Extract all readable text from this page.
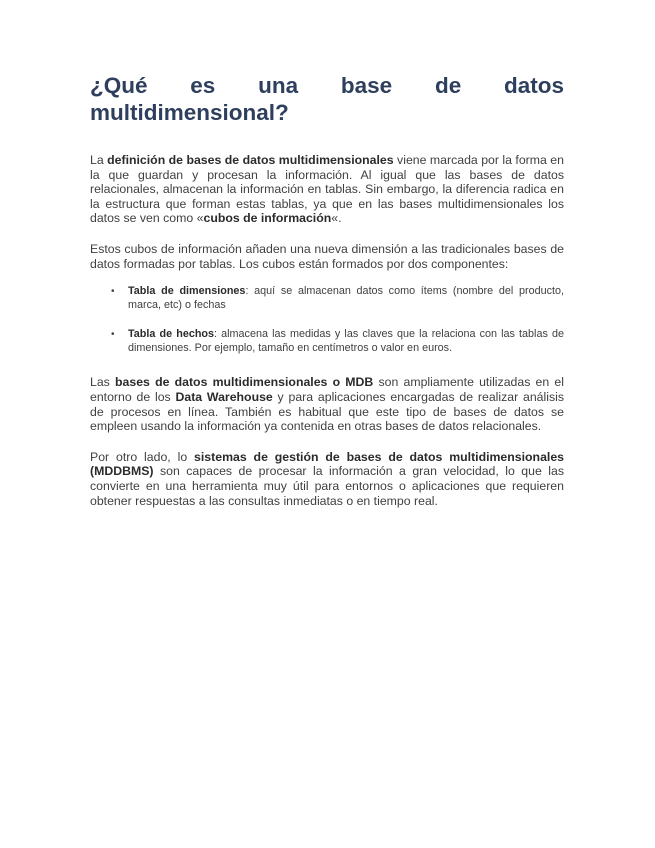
¿Qué es una base de datos
multidimensional?

La definición de bases de datos multidimensionales viene marcada por la forma en la que guardan y procesan la información. Al igual que las bases de datos relacionales, almacenan la información en tablas. Sin embargo, la diferencia radica en la estructura que forman estas tablas, ya que en las bases multidimensionales los datos se ven como «cubos de información«.

Estos cubos de información añaden una nueva dimensión a las tradicionales bases de datos formadas por tablas. Los cubos están formados por dos componentes:

• Tabla de dimensiones: aquí se almacenan datos como ítems (nombre del producto, marca, etc) o fechas
• Tabla de hechos: almacena las medidas y las claves que la relaciona con las tablas de dimensiones. Por ejemplo, tamaño en centímetros o valor en euros.

Las bases de datos multidimensionales o MDB son ampliamente utilizadas en el entorno de los Data Warehouse y para aplicaciones encargadas de realizar análisis de procesos en línea. También es habitual que este tipo de bases de datos se empleen usando la información ya contenida en otras bases de datos relacionales.

Por otro lado, lo sistemas de gestión de bases de datos multidimensionales (MDDBMS) son capaces de procesar la información a gran velocidad, lo que las convierte en una herramienta muy útil para entornos o aplicaciones que requieren obtener respuestas a las consultas inmediatas o en tiempo real.
